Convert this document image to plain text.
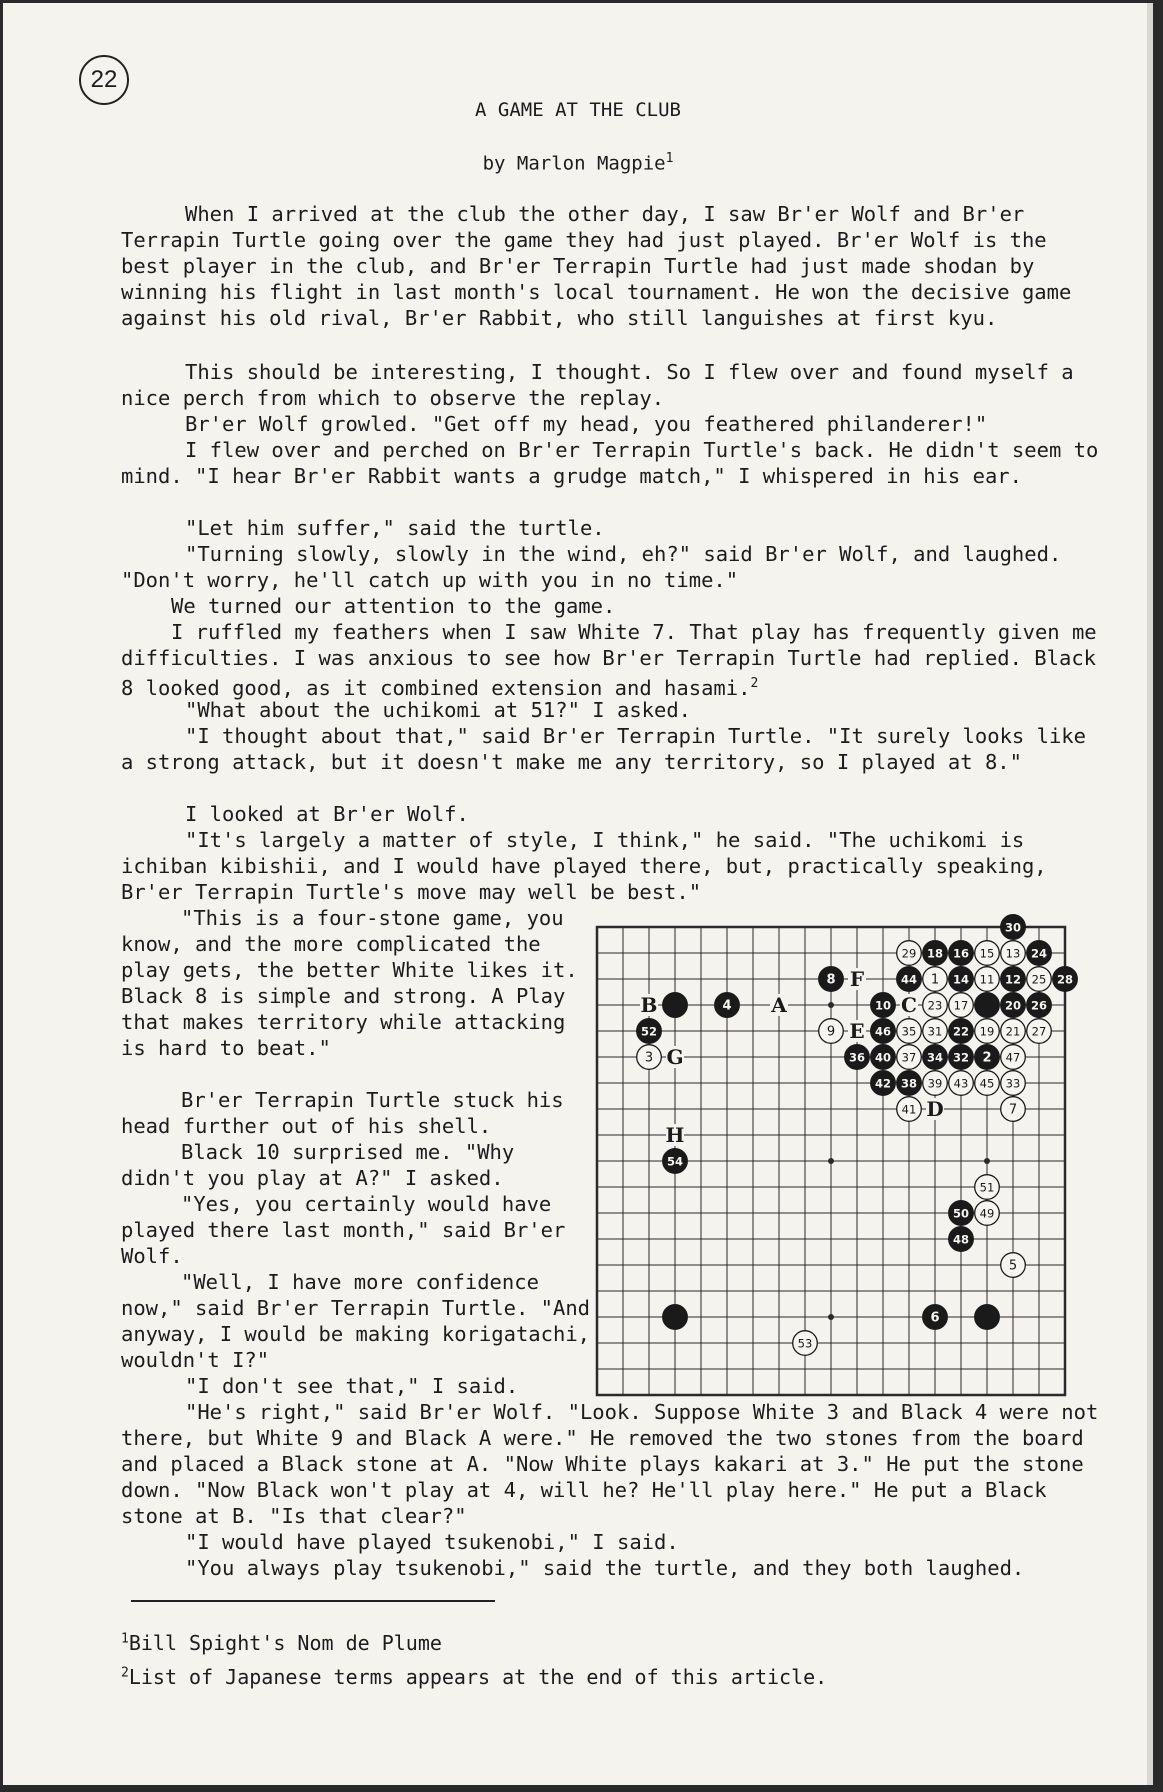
22
A GAME AT THE CLUB
by Marlon Magpie$^1$

When I arrived at the club the other day, I saw Br'er Wolf and Br'er Terrapin Turtle going over the game they had just played. Br'er Wolf is the best player in the club, and Br'er Terrapin Turtle had just made shodan by winning his flight in last month's local tournament. He won the decisive game against his old rival, Br'er Rabbit, who still languishes at first kyu.

This should be interesting, I thought. So I flew over and found myself a nice perch from which to observe the replay.

Br'er Wolf growled. "Get off my head, you feathered philanderer!"

I flew over and perched on Br'er Terrapin Turtle's back. He didn't seem to mind. "I hear Br'er Rabbit wants a grudge match," I whispered in his ear.

"Let him suffer," said the turtle.

"Turning slowly, slowly in the wind, eh?" said Br'er Wolf, and laughed. "Don't worry, he'll catch up with you in no time."

We turned our attention to the game.

I ruffled my feathers when I saw White 7. That play has frequently given me difficulties. I was anxious to see how Br'er Terrapin Turtle had replied. Black 8 looked good, as it combined extension and hasami.$^2$

"What about the uchikomi at 51?" I asked.

"I thought about that," said Br'er Terrapin Turtle. "It surely looks like a strong attack, but it doesn't make me any territory, so I played at 8."

I looked at Br'er Wolf.

"It's largely a matter of style, I think," he said. "The uchikomi is ichiban kibishii, and I would have played there, but, practically speaking, Br'er Terrapin Turtle's move may well be best."

"This is a four-stone game, you know, and the more complicated the play gets, the better White likes it. Black 8 is simple and strong. A Play that makes territory while attacking is hard to beat."

Br'er Terrapin Turtle stuck his head further out of his shell.

Black 10 surprised me. "Why didn't you play at A?" I asked.

"Yes, you certainly would have played there last month," said Br'er Wolf.

"Well, I have more confidence now," said Br'er Terrapin Turtle. "And anyway, I would be making korigatachi, wouldn't I?"

"I don't see that," I said.

"He's right," said Br'er Wolf. "Look. Suppose White 3 and Black 4 were not there, but White 9 and Black A were." He removed the two stones from the board and placed a Black stone at A. "Now White plays kakari at 3." He put the stone down. "Now Black won't play at 4, will he? He'll play here." He put a Black stone at B. "Is that clear?"

"I would have played tsukenobi," I said.

"You always play tsukenobi," said the turtle, and they both laughed.

$^1$Bill Spight's Nom de Plume
$^2$List of Japanese terms appears at the end of this article.
B	A
F
C
E
G
D
H
30
29 18 16 15 13 24
8	44 1 14 11 12 25 28
4	10	23 17	20 26
52	9	46 35 31 22 19 21 27
3	36 40 37 34 32 2 47
42 38 39 43 45 33
41	7
54
51
50 49
48
5
6
53
